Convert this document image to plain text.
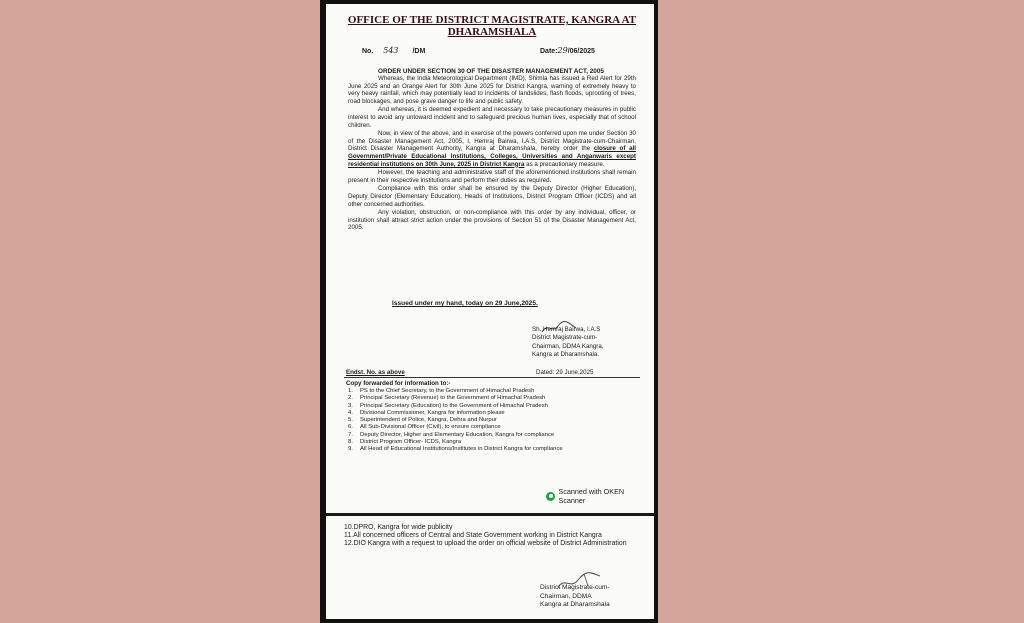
OFFICE OF THE DISTRICT MAGISTRATE, KANGRA AT DHARAMSHALA
No. 543 /DM	Date:29/06/2025
ORDER UNDER SECTION 30 OF THE DISASTER MANAGEMENT ACT, 2005

Whereas, the India Meteorological Department (IMD), Shimla has issued a Red Alert for 29th June 2025 and an Orange Alert for 30th June 2025 for District Kangra, warning of extremely heavy to very heavy rainfall, which may potentially lead to incidents of landslides, flash floods, uprooting of trees, road blockages, and pose grave danger to life and public safety.

And whereas, it is deemed expedient and necessary to take precautionary measures in public interest to avoid any untoward incident and to safeguard precious human lives, especially that of school children.

Now, in view of the above, and in exercise of the powers conferred upon me under Section 30 of the Disaster Management Act, 2005, I, Hemraj Bairwa, I.A.S, District Magistrate-cum-Chairman, District Disaster Management Authority, Kangra at Dharamshala, hereby order the closure of all Government/Private Educational Institutions, Colleges, Universities and Anganwaris except residential institutions on 30th June, 2025 in District Kangra as a precautionary measure.

However, the teaching and administrative staff of the aforementioned institutions shall remain present in their respective institutions and perform their duties as required.

Compliance with this order shall be ensured by the Deputy Director (Higher Education), Deputy Director (Elementary Education), Heads of Institutions, District Program Officer (ICDS) and all other concerned authorities.

Any violation, obstruction, or non-compliance with this order by any individual, officer, or institution shall attract strict action under the provisions of Section 51 of the Disaster Management Act, 2005.

Issued under my hand, today on 29 June,2025.
Sh. Hemraj Bairwa, I.A.S
District Magistrate-cum-
Chairman, DDMA Kangra,
Kangra at Dharamshala.
Endst. No. as above	Dated: 29 June,2025
Copy forwarded for information to:-
1. PS to the Chief Secretary, to the Government of Himachal Pradesh
2. Principal Secretary (Revenue) to the Government of Himachal Pradesh
3. Principal Secretary (Education) to the Government of Himachal Pradesh
4. Divisional Commissioner, Kangra for information please
5. Superintendent of Police, Kangra, Dehra and Nurpur
6. All Sub-Divisional Officer (Civil), to ensure compliance
7. Deputy Director, Higher and Elementary Education, Kangra for compliance
8. District Program Officer- ICDS, Kangra
9. All Head of Educational Institutions/Institutes in District Kangra for compliance
Scanned with OKEN Scanner
10.DPRO, Kangra for wide publicity
11.All concerned officers of Central and State Government working in District Kangra
12.DIO Kangra with a request to upload the order on official website of District Administration
District Magistrate-cum-
Chairman, DDMA
Kangra at Dharamshala
